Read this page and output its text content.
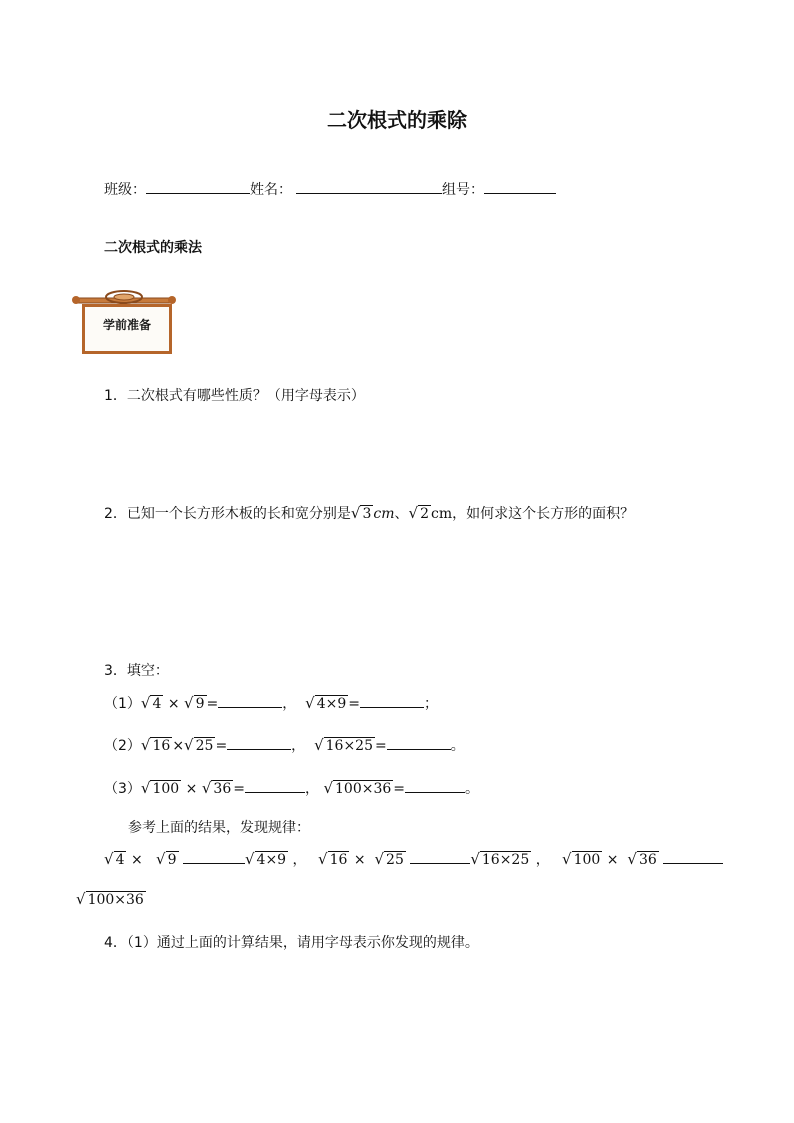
二次根式的乘除
班级：	姓名：	组号：
二次根式的乘法
学前准备
1．二次根式有哪些性质？（用字母表示）
2．已知一个长方形木板的长和宽分别是√ 3 cm、√ 2 cm，如何求这个长方形的面积？
3．填空：
（1）√ 4 × √ 9 =	， √ 4×9 =	；
（2）√ 16 ×√ 25 =	， √ 16×25 =	。
（3）√ 100 × √ 36 =	， √ 100×36 =	。
参考上面的结果，发现规律：
√ 4 × √ 9	√ 4×9 ， √ 16 × √ 25	√ 16×25 ， √ 100 × √ 36
√ 100×36
4．（1）通过上面的计算结果，请用字母表示你发现的规律。
